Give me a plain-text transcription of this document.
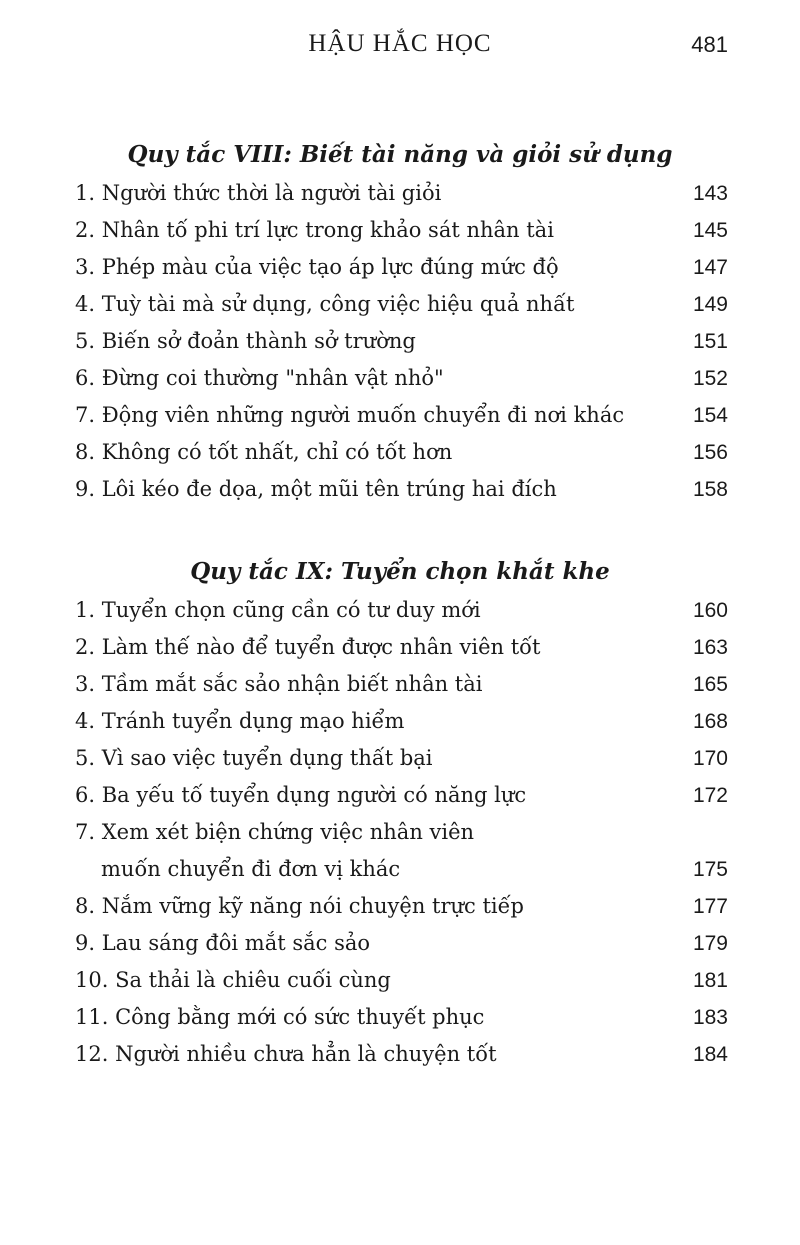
HẬU HẮC HỌC	481
Quy tắc VIII: Biết tài năng và giỏi sử dụng
1. Người thức thời là người tài giỏi	143
2. Nhân tố phi trí lực trong khảo sát nhân tài	145
3. Phép màu của việc tạo áp lực đúng mức độ	147
4. Tuỳ tài mà sử dụng, công việc hiệu quả nhất	149
5. Biến sở đoản thành sở trường	151
6. Đừng coi thường "nhân vật nhỏ"	152
7. Động viên những người muốn chuyển đi nơi khác	154
8. Không có tốt nhất, chỉ có tốt hơn	156
9. Lôi kéo đe dọa, một mũi tên trúng hai đích	158
Quy tắc IX: Tuyển chọn khắt khe
1. Tuyển chọn cũng cần có tư duy mới	160
2. Làm thế nào để tuyển được nhân viên tốt	163
3. Tầm mắt sắc sảo nhận biết nhân tài	165
4. Tránh tuyển dụng mạo hiểm	168
5. Vì sao việc tuyển dụng thất bại	170
6. Ba yếu tố tuyển dụng người có năng lực	172
7. Xem xét biện chứng việc nhân viên
muốn chuyển đi đơn vị khác	175
8. Nắm vững kỹ năng nói chuyện trực tiếp	177
9. Lau sáng đôi mắt sắc sảo	179
10. Sa thải là chiêu cuối cùng	181
11. Công bằng mới có sức thuyết phục	183
12. Người nhiều chưa hẳn là chuyện tốt	184
